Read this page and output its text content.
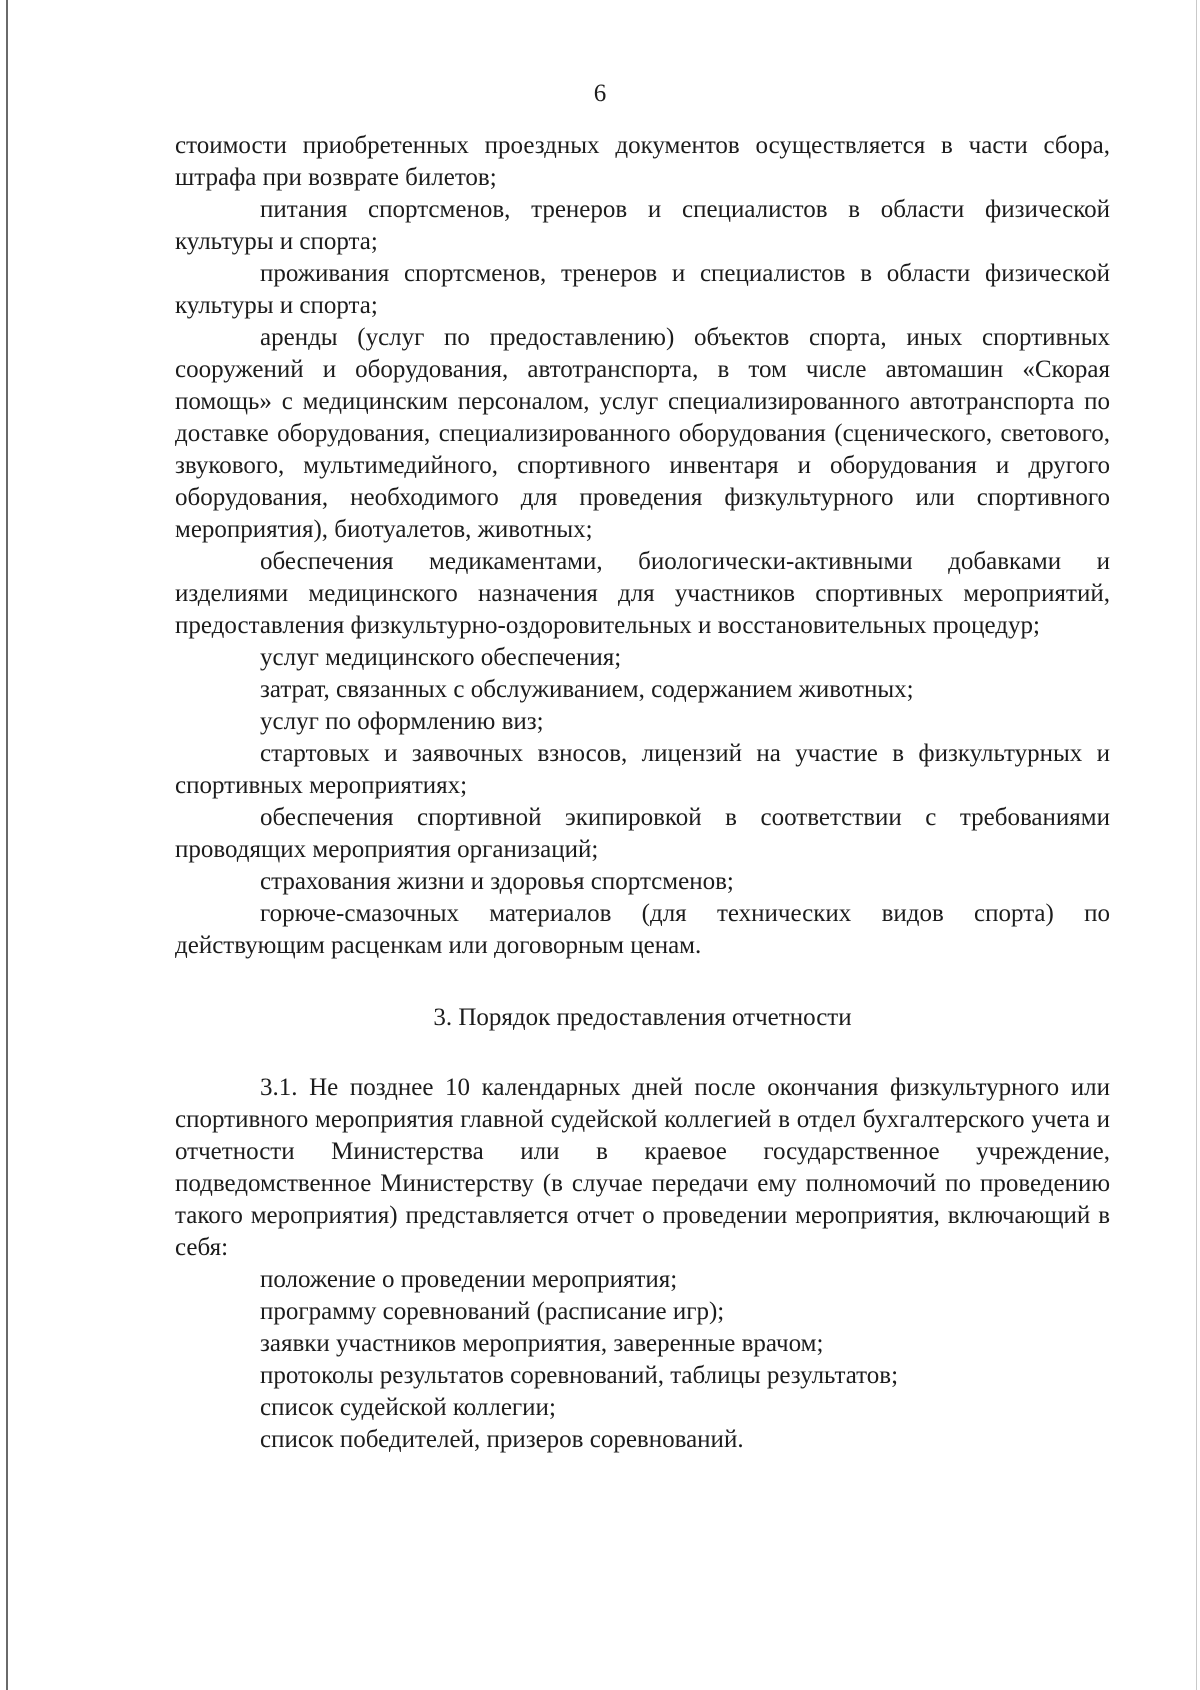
6

стоимости приобретенных проездных документов осуществляется в части сбора, штрафа при возврате билетов;

питания спортсменов, тренеров и специалистов в области физической культуры и спорта;

проживания спортсменов, тренеров и специалистов в области физической культуры и спорта;

аренды (услуг по предоставлению) объектов спорта, иных спортивных сооружений и оборудования, автотранспорта, в том числе автомашин «Скорая помощь» с медицинским персоналом, услуг специализированного автотранспорта по доставке оборудования, специализированного оборудования (сценического, светового, звукового, мультимедийного, спортивного инвентаря и оборудования и другого оборудования, необходимого для проведения физкультурного или спортивного мероприятия), биотуалетов, животных;

обеспечения медикаментами, биологически-активными добавками и изделиями медицинского назначения для участников спортивных мероприятий, предоставления физкультурно-оздоровительных и восстановительных процедур;

услуг медицинского обеспечения;

затрат, связанных с обслуживанием, содержанием животных;

услуг по оформлению виз;

стартовых и заявочных взносов, лицензий на участие в физкультурных и спортивных мероприятиях;

обеспечения спортивной экипировкой в соответствии с требованиями проводящих мероприятия организаций;

страхования жизни и здоровья спортсменов;

горюче-смазочных материалов (для технических видов спорта) по действующим расценкам или договорным ценам.

3. Порядок предоставления отчетности

3.1. Не позднее 10 календарных дней после окончания физкультурного или спортивного мероприятия главной судейской коллегией в отдел бухгалтерского учета и отчетности Министерства или в краевое государственное учреждение, подведомственное Министерству (в случае передачи ему полномочий по проведению такого мероприятия) представляется отчет о проведении мероприятия, включающий в себя:

положение о проведении мероприятия;

программу соревнований (расписание игр);

заявки участников мероприятия, заверенные врачом;

протоколы результатов соревнований, таблицы результатов;

список судейской коллегии;

список победителей, призеров соревнований.
